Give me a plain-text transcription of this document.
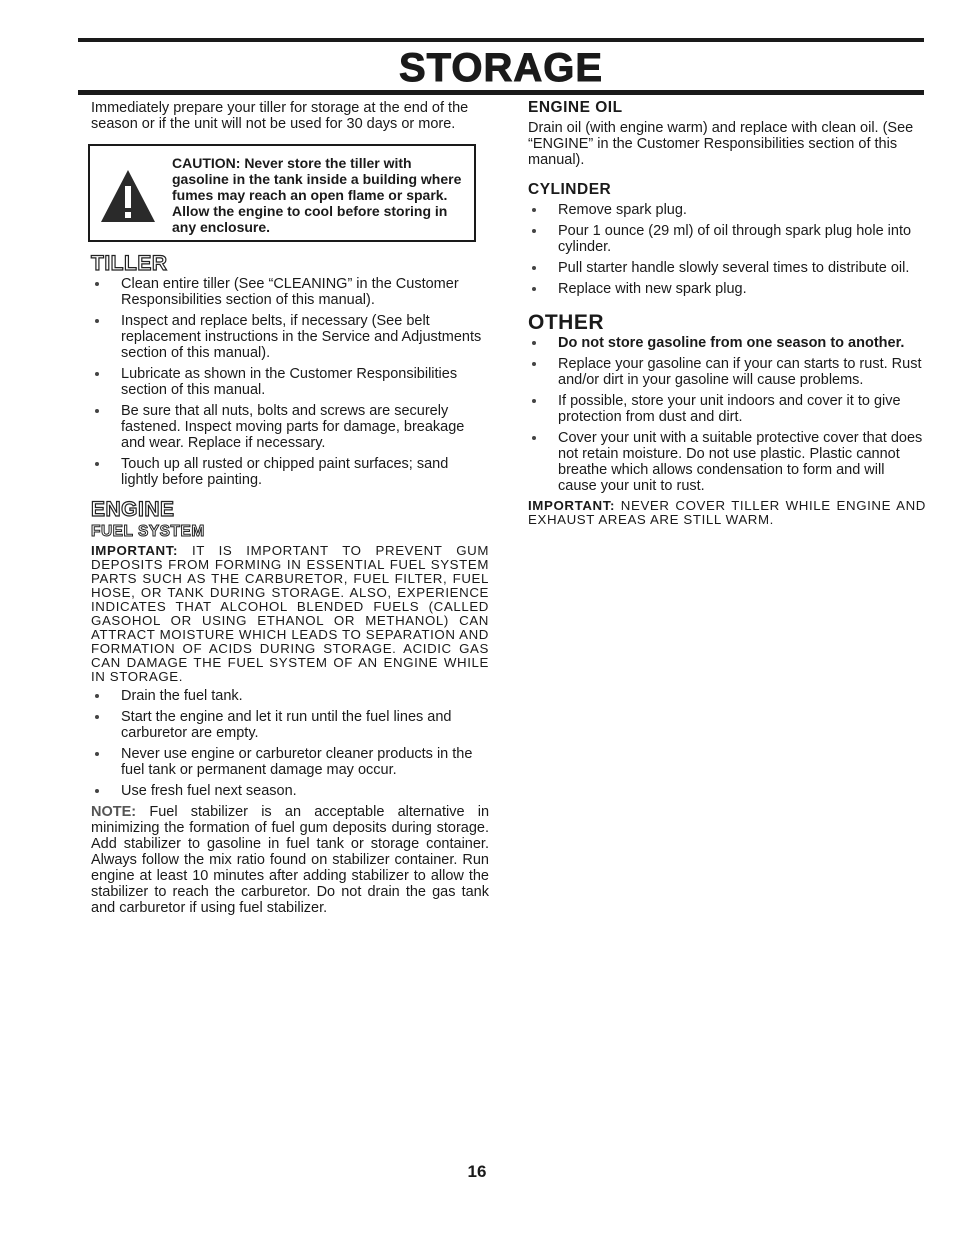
STORAGE

Immediately prepare your tiller for storage at the end of the season or if the unit will not be used for 30 days or more.

CAUTION: Never store the tiller with gasoline in the tank inside a building where fumes may reach an open flame or spark. Allow the engine to cool before storing in any enclosure.
TILLER
Clean entire tiller (See “CLEANING” in the Customer Responsibilities section of this manual).
Inspect and replace belts, if necessary (See belt replacement instructions in the Service and Adjustments section of this manual).
Lubricate as shown in the Customer Responsibilities section of this manual.
Be sure that all nuts, bolts and screws are securely fastened. Inspect moving parts for damage, breakage and wear. Replace if necessary.
Touch up all rusted or chipped paint surfaces; sand lightly before painting.
ENGINE
FUEL SYSTEM

IMPORTANT: IT IS IMPORTANT TO PREVENT GUM DEPOSITS FROM FORMING IN ESSENTIAL FUEL SYSTEM PARTS SUCH AS THE CARBURETOR, FUEL FILTER, FUEL HOSE, OR TANK DURING STORAGE. ALSO, EXPERIENCE INDICATES THAT ALCOHOL BLENDED FUELS (CALLED GASOHOL OR USING ETHANOL OR METHANOL) CAN ATTRACT MOISTURE WHICH LEADS TO SEPARATION AND FORMATION OF ACIDS DURING STORAGE. ACIDIC GAS CAN DAMAGE THE FUEL SYSTEM OF AN ENGINE WHILE IN STORAGE.

Drain the fuel tank.
Start the engine and let it run until the fuel lines and carburetor are empty.
Never use engine or carburetor cleaner products in the fuel tank or permanent damage may occur.
Use fresh fuel next season.

NOTE: Fuel stabilizer is an acceptable alternative in minimizing the formation of fuel gum deposits during storage. Add stabilizer to gasoline in fuel tank or storage container. Always follow the mix ratio found on stabilizer container. Run engine at least 10 minutes after adding stabilizer to allow the stabilizer to reach the carburetor. Do not drain the gas tank and carburetor if using fuel stabilizer.

ENGINE OIL

Drain oil (with engine warm) and replace with clean oil. (See “ENGINE” in the Customer Responsibilities section of this manual).

CYLINDER
Remove spark plug.
Pour 1 ounce (29 ml) of oil through spark plug hole into cylinder.
Pull starter handle slowly several times to distribute oil.
Replace with new spark plug.
OTHER
Do not store gasoline from one season to another.
Replace your gasoline can if your can starts to rust. Rust and/or dirt in your gasoline will cause problems.
If possible, store your unit indoors and cover it to give protection from dust and dirt.
Cover your unit with a suitable protective cover that does not retain moisture. Do not use plastic. Plastic cannot breathe which allows condensation to form and will cause your unit to rust.

IMPORTANT: NEVER COVER TILLER WHILE ENGINE AND EXHAUST AREAS ARE STILL WARM.

16
